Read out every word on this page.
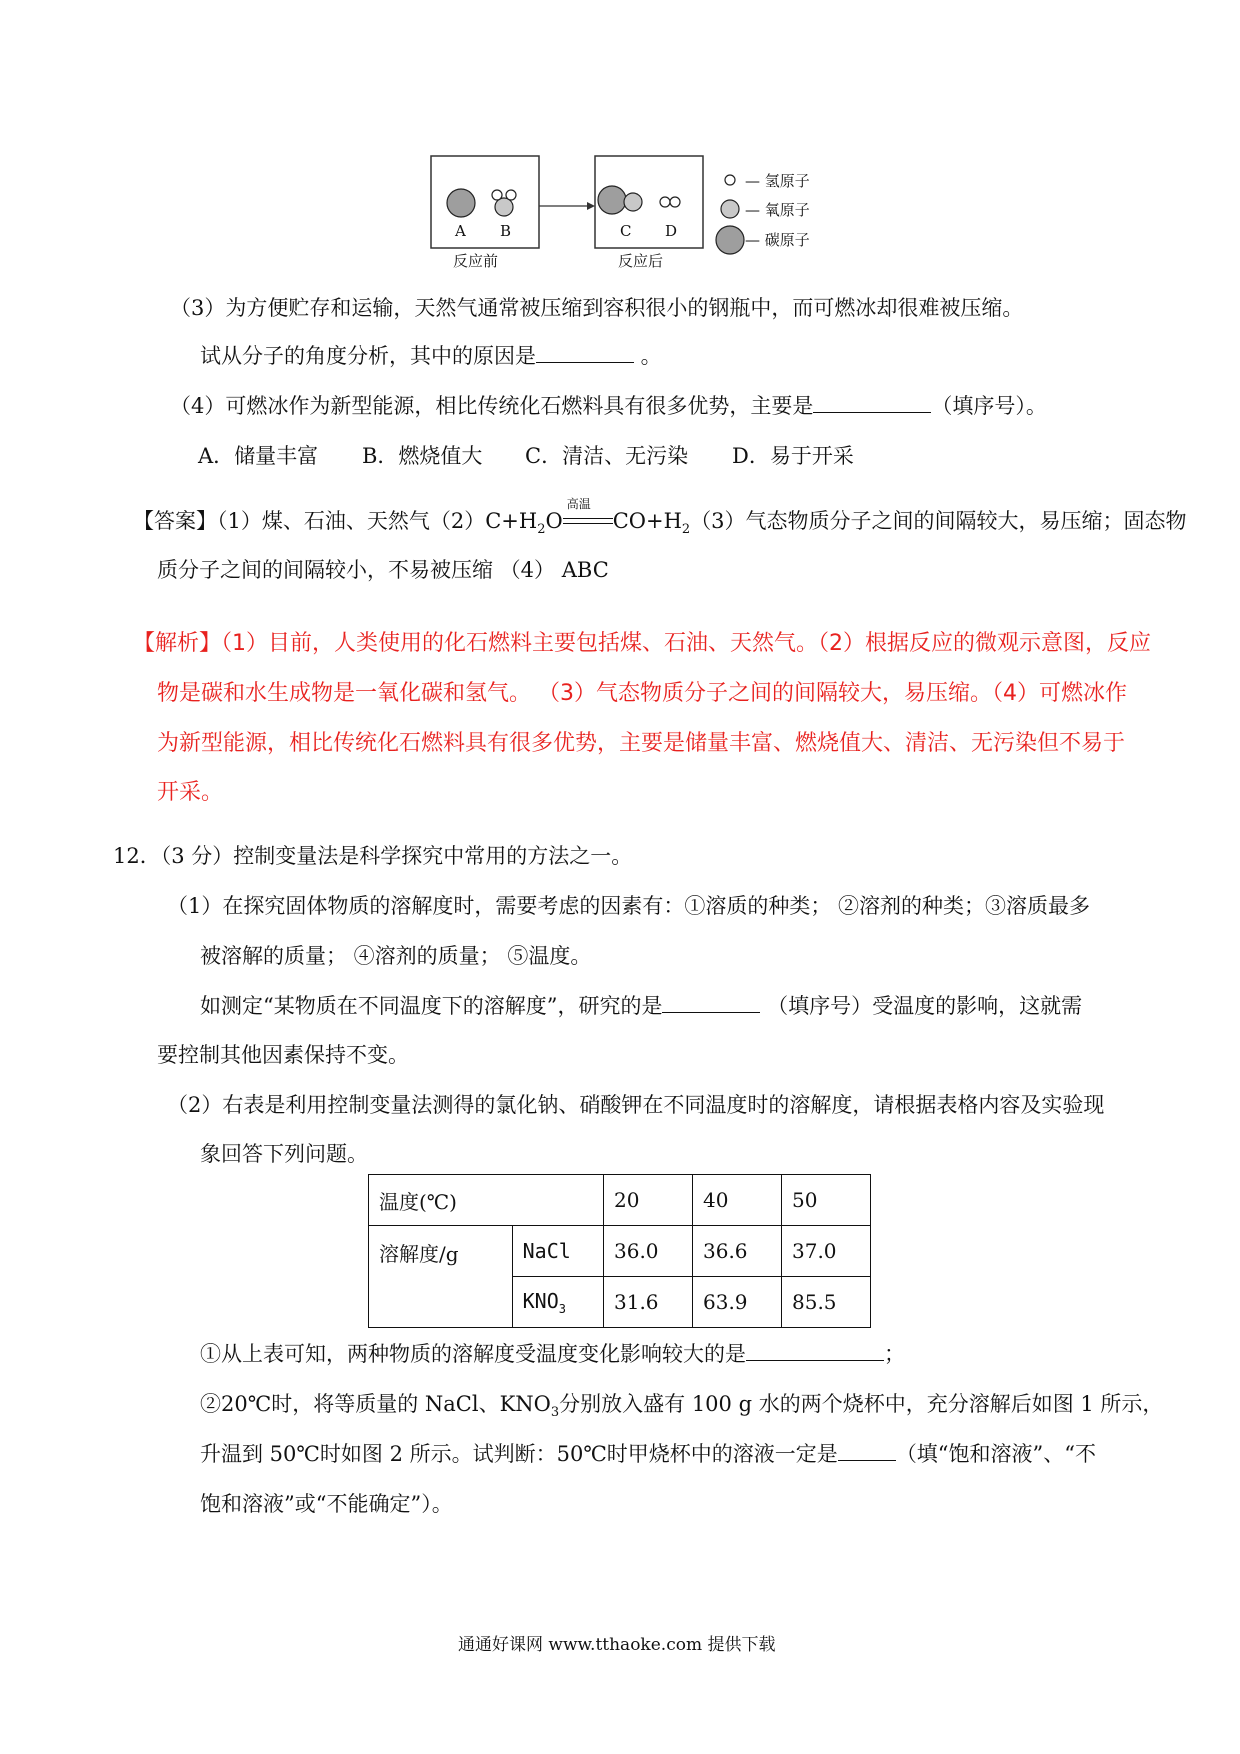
A B	C D
反应前	反应后
— 氢原子
— 氧原子
— 碳原子
（3）为方便贮存和运输，天然气通常被压缩到容积很小的钢瓶中，而可燃冰却很难被压缩。
试从分子的角度分析，其中的原因是	。
（4）可燃冰作为新型能源，相比传统化石燃料具有很多优势，主要是	（填序号）。
A．储量丰富 B．燃烧值大 C．清洁、无污染 D．易于开采
【答案】（1）煤、石油、天然气$(2)C+H_2O$
高温
$CO+H_2(3)$气态物质分子之间的间隔较大，易压缩；固态物
质分子之间的间隔较小，不易被压缩 （4） ABC
【解析】（1）目前，人类使用的化石燃料主要包括煤、石油、天然气。（2）根据反应的微观示意图，反应
物是碳和水生成物是一氧化碳和氢气。 （3）气态物质分子之间的间隔较大，易压缩。（4）可燃冰作
为新型能源，相比传统化石燃料具有很多优势，主要是储量丰富、燃烧值大、清洁、无污染但不易于
开采。
12．（3 分）控制变量法是科学探究中常用的方法之一。
（1）在探究固体物质的溶解度时，需要考虑的因素有：①溶质的种类； ②溶剂的种类；③溶质最多
被溶解的质量； ④溶剂的质量； ⑤温度。
如测定“某物质在不同温度下的溶解度”，研究的是	（填序号）受温度的影响，这就需
要控制其他因素保持不变。
（2）右表是利用控制变量法测得的氯化钠、硝酸钾在不同温度时的溶解度，请根据表格内容及实验现
象回答下列问题。
温度(℃)		20	40	50
溶解度/g	NaCl	36.0	36.6	37.0
	$KNO_3$	31.6	63.9	85.5
①从上表可知，两种物质的溶解度受温度变化影响较大的是	；
②20℃时，将等质量的 NaCl、$KNO_3$分别放入盛有 100 g 水的两个烧杯中，充分溶解后如图 1 所示，
升温到 50℃时如图 2 所示。试判断：50℃时甲烧杯中的溶液一定是	（填“饱和溶液”、“不
饱和溶液”或“不能确定”）。
通通好课网 www.tthaoke.com 提供下载
